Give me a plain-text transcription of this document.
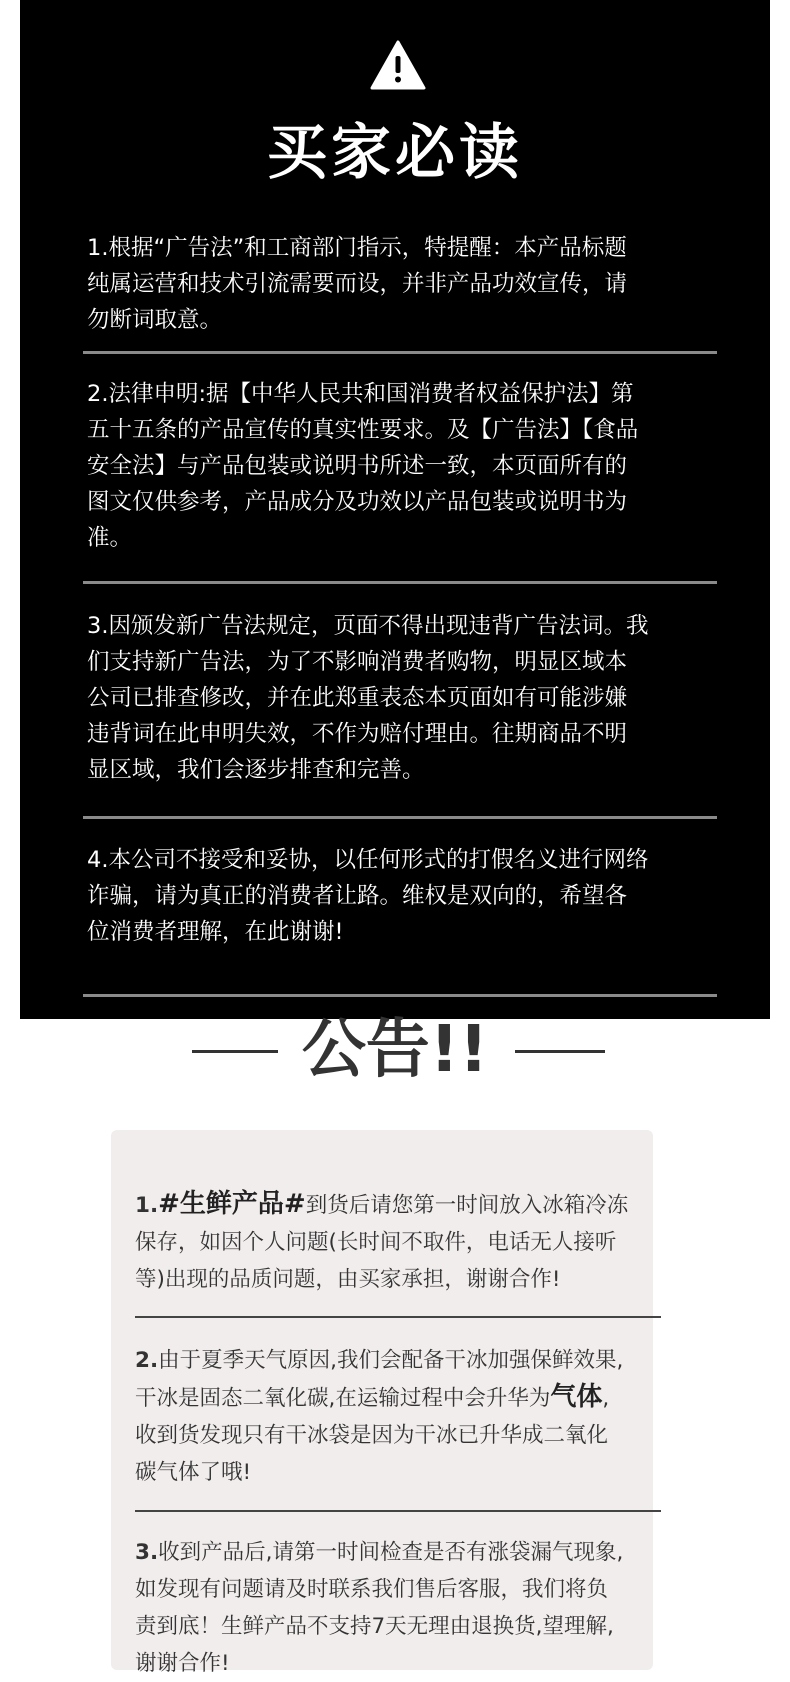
买家必读

1.根据“广告法”和工商部门指示，特提醒：本产品标题
纯属运营和技术引流需要而设，并非产品功效宣传，请
勿断词取意。

2.法律申明:据【中华人民共和国消费者权益保护法】第
五十五条的产品宣传的真实性要求。及【广告法】【食品
安全法】与产品包装或说明书所述一致，本页面所有的
图文仅供参考，产品成分及功效以产品包装或说明书为
准。

3.因颁发新广告法规定，页面不得出现违背广告法词。我
们支持新广告法，为了不影响消费者购物，明显区域本
公司已排查修改，并在此郑重表态本页面如有可能涉嫌
违背词在此申明失效，不作为赔付理由。往期商品不明
显区域，我们会逐步排查和完善。

4.本公司不接受和妥协，以任何形式的打假名义进行网络
诈骗，请为真正的消费者让路。维权是双向的，希望各
位消费者理解，在此谢谢!

公告!!

1.#生鲜产品#到货后请您第一时间放入冰箱冷冻
保存，如因个人问题(长时间不取件，电话无人接听
等)出现的品质问题，由买家承担，谢谢合作!

2.由于夏季天气原因,我们会配备干冰加强保鲜效果,
干冰是固态二氧化碳,在运输过程中会升华为气体,
收到货发现只有干冰袋是因为干冰已升华成二氧化
碳气体了哦!

3.收到产品后,请第一时间检查是否有涨袋漏气现象,
如发现有问题请及时联系我们售后客服，我们将负
责到底！生鲜产品不支持7天无理由退换货,望理解,
谢谢合作!
